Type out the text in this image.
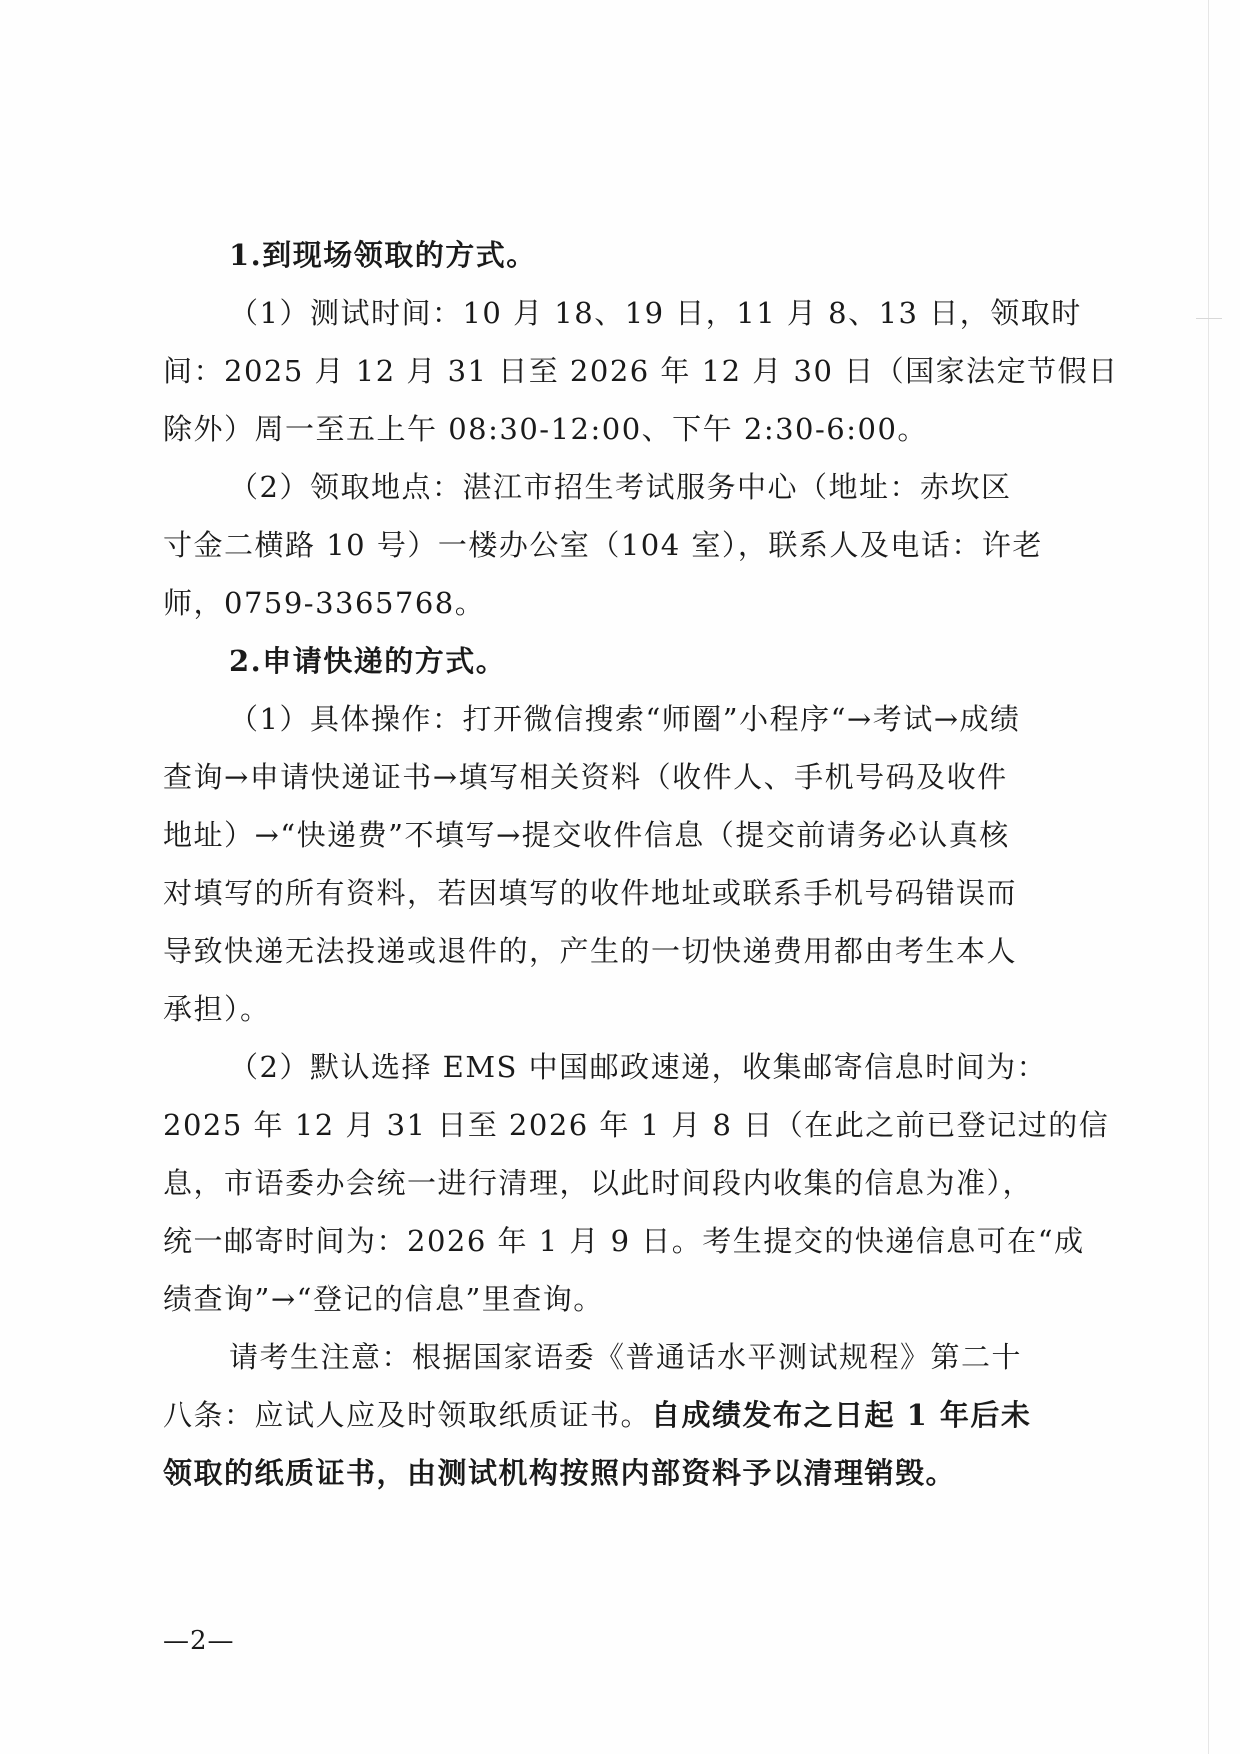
1.到现场领取的方式。
（1）测试时间：10 月 18、19 日，11 月 8、13 日，领取时
间：2025 月 12 月 31 日至 2026 年 12 月 30 日（国家法定节假日
除外）周一至五上午 08:30-12:00、下午 2:30-6:00。
（2）领取地点：湛江市招生考试服务中心（地址：赤坎区
寸金二横路 10 号）一楼办公室（104 室），联系人及电话：许老
师，0759-3365768。
2.申请快递的方式。
（1）具体操作：打开微信搜索“师圈”小程序“→考试→成绩
查询→申请快递证书→填写相关资料（收件人、手机号码及收件
地址）→“快递费”不填写→提交收件信息（提交前请务必认真核
对填写的所有资料，若因填写的收件地址或联系手机号码错误而
导致快递无法投递或退件的，产生的一切快递费用都由考生本人
承担）。
（2）默认选择 EMS 中国邮政速递，收集邮寄信息时间为：
2025 年 12 月 31 日至 2026 年 1 月 8 日（在此之前已登记过的信
息，市语委办会统一进行清理，以此时间段内收集的信息为准），
统一邮寄时间为：2026 年 1 月 9 日。考生提交的快递信息可在“成
绩查询”→“登记的信息”里查询。
请考生注意：根据国家语委《普通话水平测试规程》第二十
八条：应试人应及时领取纸质证书。自成绩发布之日起 1 年后未
领取的纸质证书，由测试机构按照内部资料予以清理销毁。
—2—
